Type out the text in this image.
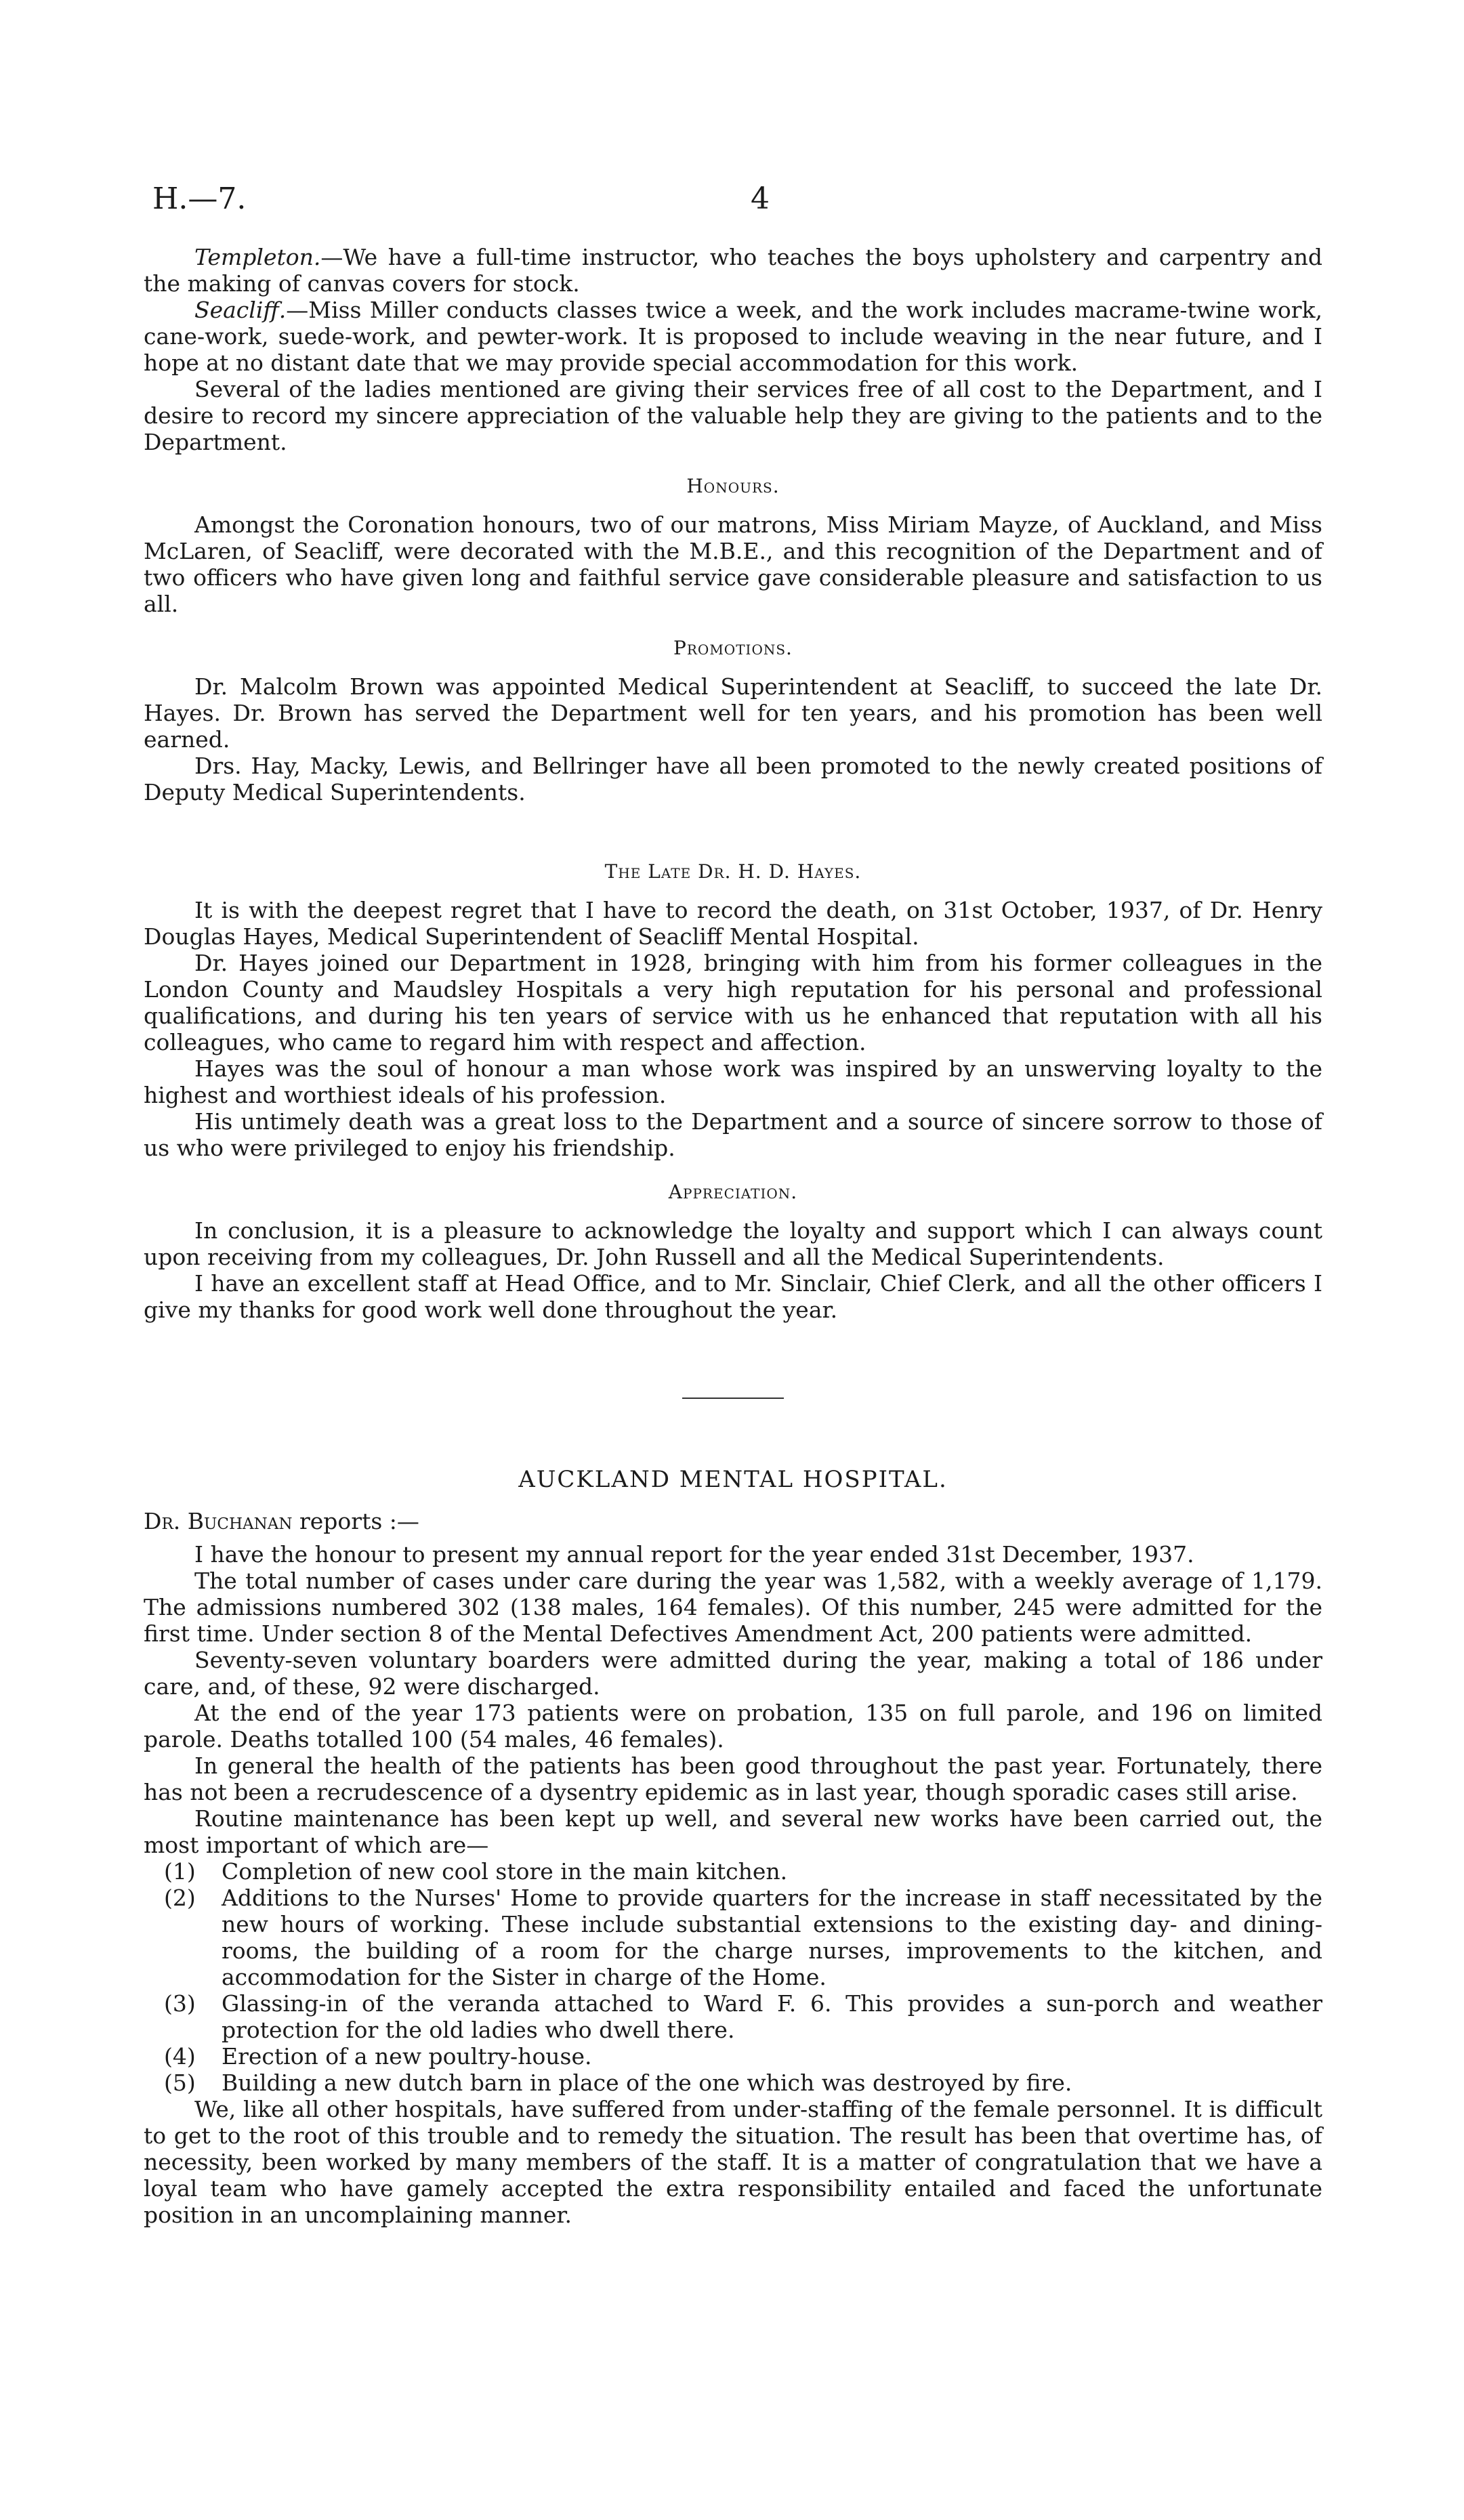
H.—7.	4

Templeton.—We have a full-time instructor, who teaches the boys upholstery and carpentry and the making of canvas covers for stock.

Seacliff.—Miss Miller conducts classes twice a week, and the work includes macrame-twine work, cane-work, suede-work, and pewter-work. It is proposed to include weaving in the near future, and I hope at no distant date that we may provide special accommodation for this work.

Several of the ladies mentioned are giving their services free of all cost to the Department, and I desire to record my sincere appreciation of the valuable help they are giving to the patients and to the Department.

Honours.

Amongst the Coronation honours, two of our matrons, Miss Miriam Mayze, of Auckland, and Miss McLaren, of Seacliff, were decorated with the M.B.E., and this recognition of the Department and of two officers who have given long and faithful service gave considerable pleasure and satisfaction to us all.

Promotions.

Dr. Malcolm Brown was appointed Medical Superintendent at Seacliff, to succeed the late Dr. Hayes. Dr. Brown has served the Department well for ten years, and his promotion has been well earned.

Drs. Hay, Macky, Lewis, and Bellringer have all been promoted to the newly created positions of Deputy Medical Superintendents.

The Late Dr. H. D. Hayes.

It is with the deepest regret that I have to record the death, on 31st October, 1937, of Dr. Henry Douglas Hayes, Medical Superintendent of Seacliff Mental Hospital.

Dr. Hayes joined our Department in 1928, bringing with him from his former colleagues in the London County and Maudsley Hospitals a very high reputation for his personal and professional qualifications, and during his ten years of service with us he enhanced that reputation with all his colleagues, who came to regard him with respect and affection.

Hayes was the soul of honour a man whose work was inspired by an unswerving loyalty to the highest and worthiest ideals of his profession.

His untimely death was a great loss to the Department and a source of sincere sorrow to those of us who were privileged to enjoy his friendship.

Appreciation.

In conclusion, it is a pleasure to acknowledge the loyalty and support which I can always count upon receiving from my colleagues, Dr. John Russell and all the Medical Superintendents.

I have an excellent staff at Head Office, and to Mr. Sinclair, Chief Clerk, and all the other officers I give my thanks for good work well done throughout the year.

AUCKLAND MENTAL HOSPITAL.

Dr. Buchanan reports :—

I have the honour to present my annual report for the year ended 31st December, 1937.

The total number of cases under care during the year was 1,582, with a weekly average of 1,179. The admissions numbered 302 (138 males, 164 females). Of this number, 245 were admitted for the first time. Under section 8 of the Mental Defectives Amendment Act, 200 patients were admitted.

Seventy-seven voluntary boarders were admitted during the year, making a total of 186 under care, and, of these, 92 were discharged.

At the end of the year 173 patients were on probation, 135 on full parole, and 196 on limited parole. Deaths totalled 100 (54 males, 46 females).

In general the health of the patients has been good throughout the past year. Fortunately, there has not been a recrudescence of a dysentry epidemic as in last year, though sporadic cases still arise.

Routine maintenance has been kept up well, and several new works have been carried out, the most important of which are—

(1) Completion of new cool store in the main kitchen.
(2) Additions to the Nurses' Home to provide quarters for the increase in staff necessitated by the new hours of working. These include substantial extensions to the existing day- and dining-rooms, the building of a room for the charge nurses, improvements to the kitchen, and accommodation for the Sister in charge of the Home.
(3) Glassing-in of the veranda attached to Ward F. 6. This provides a sun-porch and weather protection for the old ladies who dwell there.
(4) Erection of a new poultry-house.
(5) Building a new dutch barn in place of the one which was destroyed by fire.

We, like all other hospitals, have suffered from under-staffing of the female personnel. It is difficult to get to the root of this trouble and to remedy the situation. The result has been that overtime has, of necessity, been worked by many members of the staff. It is a matter of congratulation that we have a loyal team who have gamely accepted the extra responsibility entailed and faced the unfortunate position in an uncomplaining manner.
